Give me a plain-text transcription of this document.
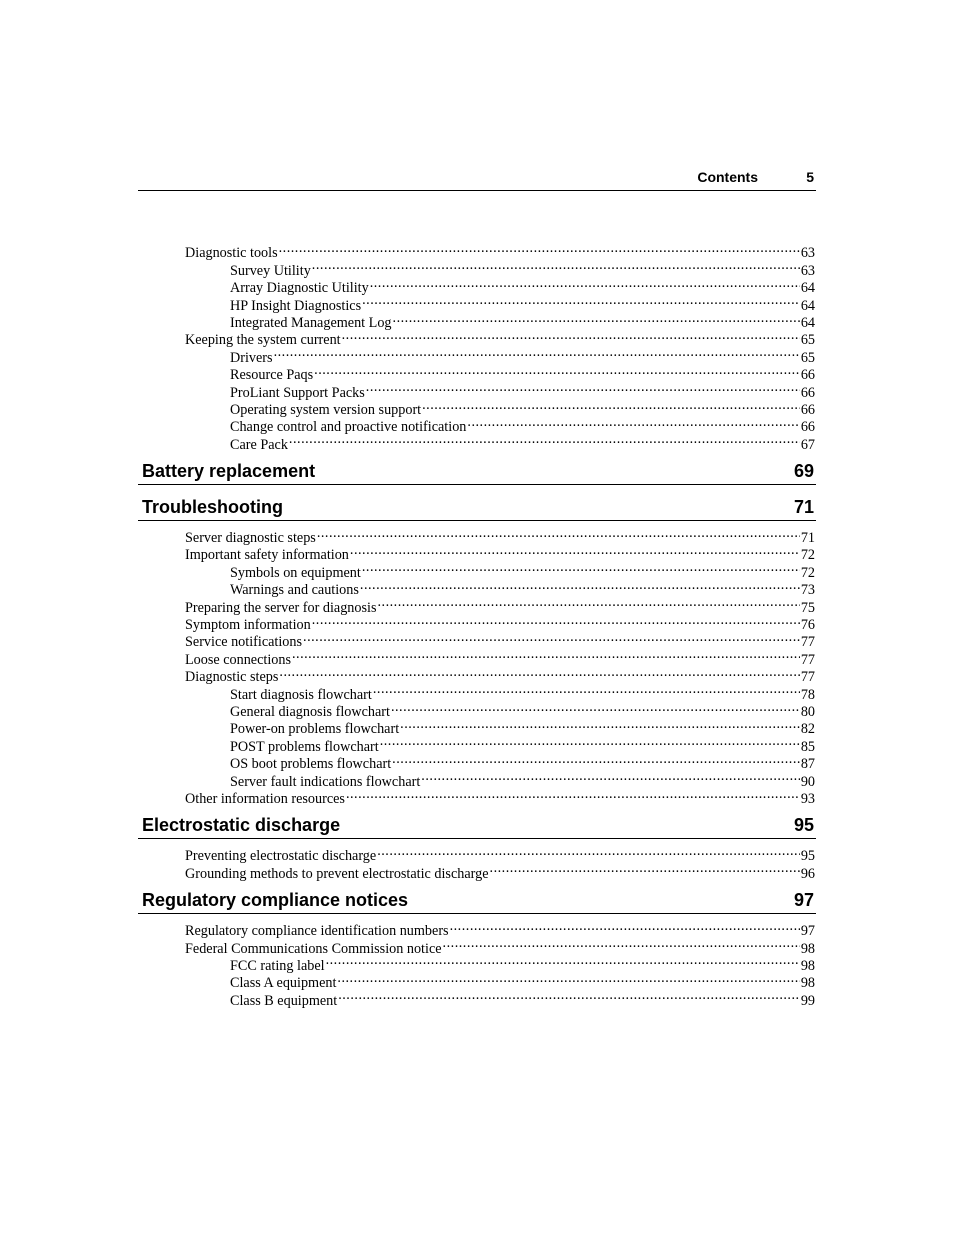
Contents	5
Diagnostic tools .....	63
Survey Utility .....	63
Array Diagnostic Utility .....	64
HP Insight Diagnostics .....	64
Integrated Management Log .....	64
Keeping the system current .....	65
Drivers .....	65
Resource Paqs .....	66
ProLiant Support Packs .....	66
Operating system version support .....	66
Change control and proactive notification .....	66
Care Pack .....	67
Battery replacement	69
Troubleshooting	71
Server diagnostic steps .....	71
Important safety information .....	72
Symbols on equipment .....	72
Warnings and cautions .....	73
Preparing the server for diagnosis .....	75
Symptom information .....	76
Service notifications .....	77
Loose connections .....	77
Diagnostic steps .....	77
Start diagnosis flowchart .....	78
General diagnosis flowchart .....	80
Power-on problems flowchart .....	82
POST problems flowchart .....	85
OS boot problems flowchart .....	87
Server fault indications flowchart .....	90
Other information resources .....	93
Electrostatic discharge	95
Preventing electrostatic discharge .....	95
Grounding methods to prevent electrostatic discharge .....	96
Regulatory compliance notices	97
Regulatory compliance identification numbers .....	97
Federal Communications Commission notice .....	98
FCC rating label .....	98
Class A equipment .....	98
Class B equipment .....	99
